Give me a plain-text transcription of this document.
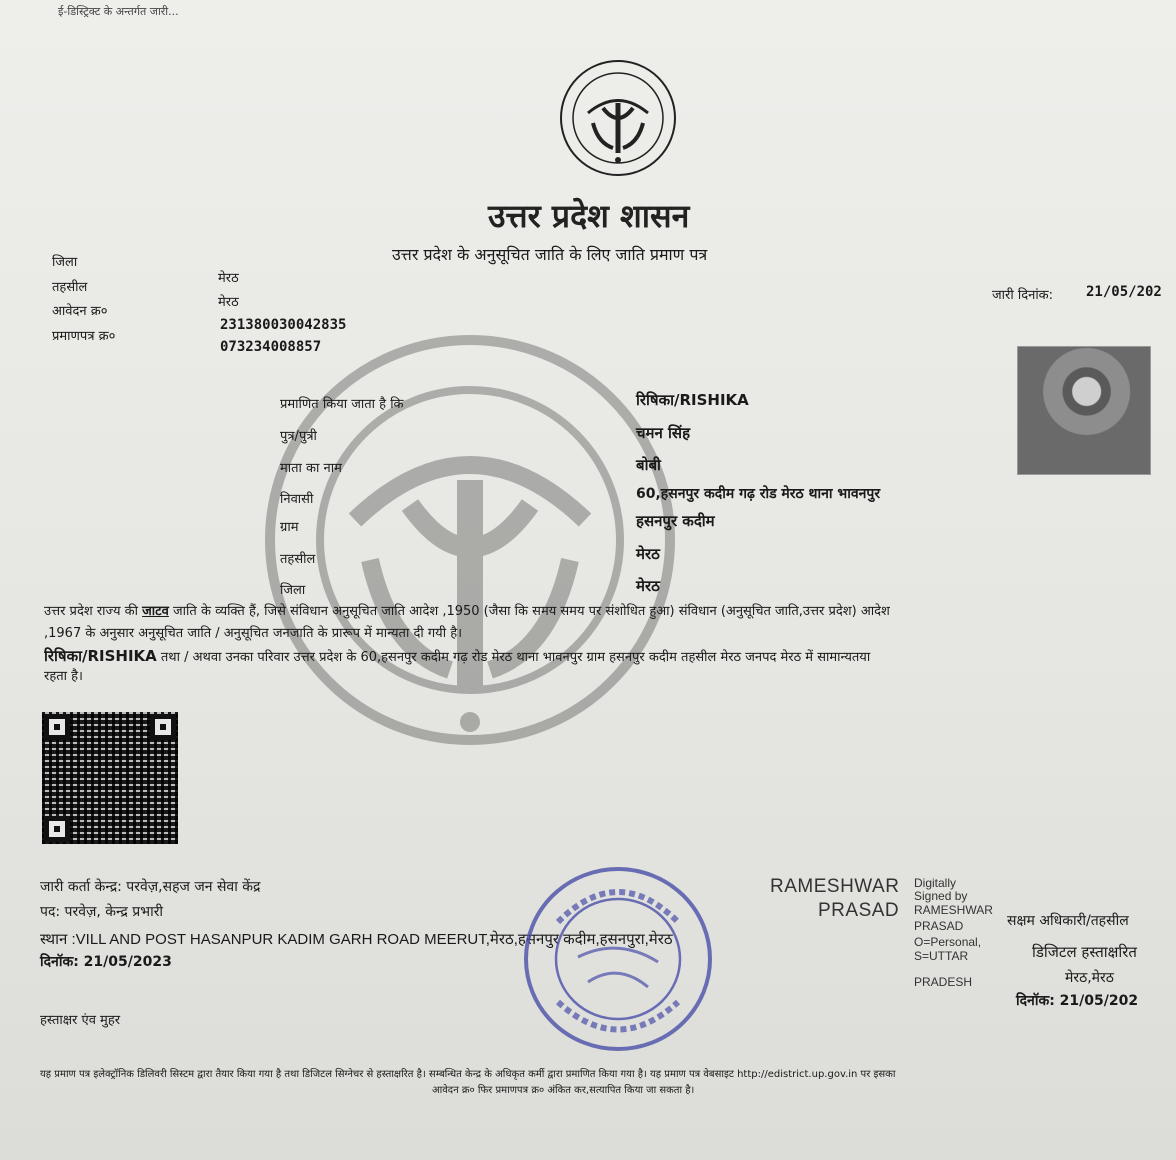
ई-डिस्ट्रिक्ट के अन्तर्गत जारी...
उत्तर प्रदेश शासन
उत्तर प्रदेश के अनुसूचित जाति के लिए जाति प्रमाण पत्र
जिला
मेरठ
तहसील
मेरठ
आवेदन क्र०
231380030042835
प्रमाणपत्र क्र०
073234008857
जारी दिनांक: 21/05/202
प्रमाणित किया जाता है कि	रिषिका/RISHIKA
पुत्र/पुत्री	चमन सिंह
माता का नाम	बोबी
निवासी	60,हसनपुर कदीम गढ़ रोड मेरठ थाना भावनपुर
ग्राम	हसनपुर कदीम
तहसील	मेरठ
जिला	मेरठ
उत्तर प्रदेश राज्य की जाटव जाति के व्यक्ति हैं, जिसे संविधान अनुसूचित जाति आदेश ,1950 (जैसा कि समय समय पर संशोधित हुआ) संविधान (अनुसूचित जाति,उत्तर प्रदेश) आदेश
,1967 के अनुसार अनुसूचित जाति / अनुसूचित जनजाति के प्रारूप में मान्यता दी गयी है।
रिषिका/RISHIKA तथा / अथवा उनका परिवार उत्तर प्रदेश के 60,हसनपुर कदीम गढ़ रोड मेरठ थाना भावनपुर ग्राम हसनपुर कदीम तहसील मेरठ जनपद मेरठ में सामान्यतया
रहता है।
जारी कर्ता केन्द्र: परवेज़,सहज जन सेवा केंद्र
पद: परवेज़, केन्द्र प्रभारी
स्थान :VILL AND POST HASANPUR KADIM GARH ROAD MEERUT,मेरठ,हसनपुर कदीम,हसनपुरा,मेरठ
दिनॉक: 21/05/2023
हस्ताक्षर एंव मुहर
RAMESHWAR
PRASAD
Digitally
Signed by
RAMESHWAR
PRASAD
O=Personal,
S=UTTAR
PRADESH
सक्षम अधिकारी/तहसील
डिजिटल हस्ताक्षरित
मेरठ,मेरठ
दिनॉक: 21/05/202
यह प्रमाण पत्र इलेक्ट्रॉनिक डिलिवरी सिस्टम द्वारा तैयार किया गया है तथा डिजिटल सिग्नेचर से हस्ताक्षरित है। सम्बन्धित केन्द्र के अधिकृत कर्मी द्वारा प्रमाणित किया गया है। यह प्रमाण पत्र वेबसाइट http://edistrict.up.gov.in पर इसका
आवेदन क्र० फिर प्रमाणपत्र क्र० अंकित कर,सत्यापित किया जा सकता है।
